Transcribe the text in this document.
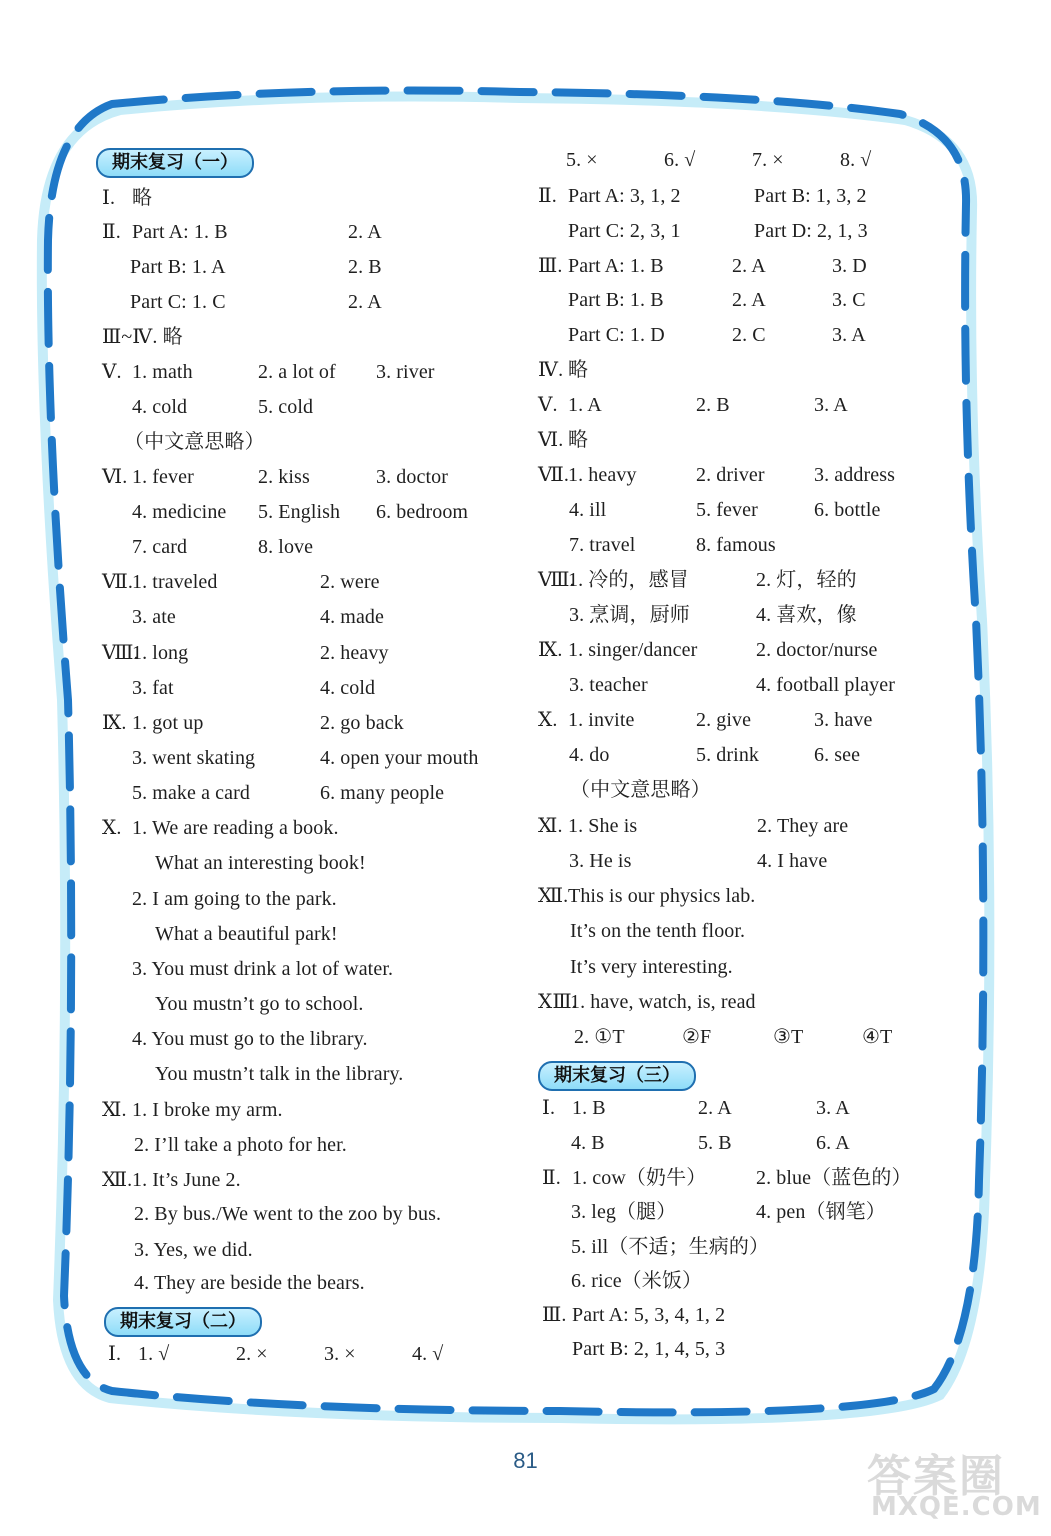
期末复习（一）
Ⅰ. 略
Ⅱ. Part A: 1. B	2. A
Part B: 1. A	2. B
Part C: 1. C	2. A
Ⅲ~Ⅳ. 略
Ⅴ. 1. math	2. a lot of 3. river
4. cold	5. cold
（中文意思略）
Ⅵ. 1. fever	2. kiss	3. doctor
4. medicine 5. English 6. bedroom
7. card	8. love
Ⅶ.1. traveled	2. were
3. ate	4. made
Ⅷ.1. long	2. heavy
3. fat	4. cold
Ⅸ. 1. got up	2. go back
3. went skating	4. open your mouth
5. make a card	6. many people
Ⅹ. 1. We are reading a book.
What an interesting book!
2. I am going to the park.
What a beautiful park!
3. You must drink a lot of water.
You mustn’t go to school.
4. You must go to the library.
You mustn’t talk in the library.
Ⅺ. 1. I broke my arm.
2. I’ll take a photo for her.
Ⅻ.1. It’s June 2.
2. By bus./We went to the zoo by bus.
3. Yes, we did.
4. They are beside the bears.
期末复习（二）
Ⅰ. 1. √	2. ×	3. ×	4. √
5. ×	6. √	7. ×	8. √
Ⅱ. Part A: 3, 1, 2	Part B: 1, 3, 2
Part C: 2, 3, 1	Part D: 2, 1, 3
Ⅲ. Part A: 1. B	2. A	3. D
Part B: 1. B	2. A	3. C
Part C: 1. D	2. C	3. A
Ⅳ. 略
Ⅴ. 1. A	2. B	3. A
Ⅵ. 略
Ⅶ.1. heavy	2. driver 3. address
4. ill	5. fever	6. bottle
7. travel	8. famous
Ⅷ.1. 冷的，感冒	2. 灯，轻的
3. 烹调，厨师	4. 喜欢，像
Ⅸ. 1. singer/dancer	2. doctor/nurse
3. teacher	4. football player
Ⅹ. 1. invite	2. give	3. have
4. do	5. drink	6. see
（中文意思略）
Ⅺ. 1. She is	2. They are
3. He is	4. I have
Ⅻ.This is our physics lab.
It’s on the tenth floor.
It’s very interesting.
ⅩⅢ.1. have, watch, is, read
2. ①T	②F	③T	④T
期末复习（三）
Ⅰ. 1. B	2. A	3. A
4. B	5. B	6. A
Ⅱ. 1. cow（奶牛） 2. blue（蓝色的）
3. leg（腿）	4. pen（钢笔）
5. ill（不适；生病的）
6. rice（米饭）
Ⅲ. Part A: 5, 3, 4, 1, 2
Part B: 2, 1, 4, 5, 3
81	答案圈
MXQE.COM
